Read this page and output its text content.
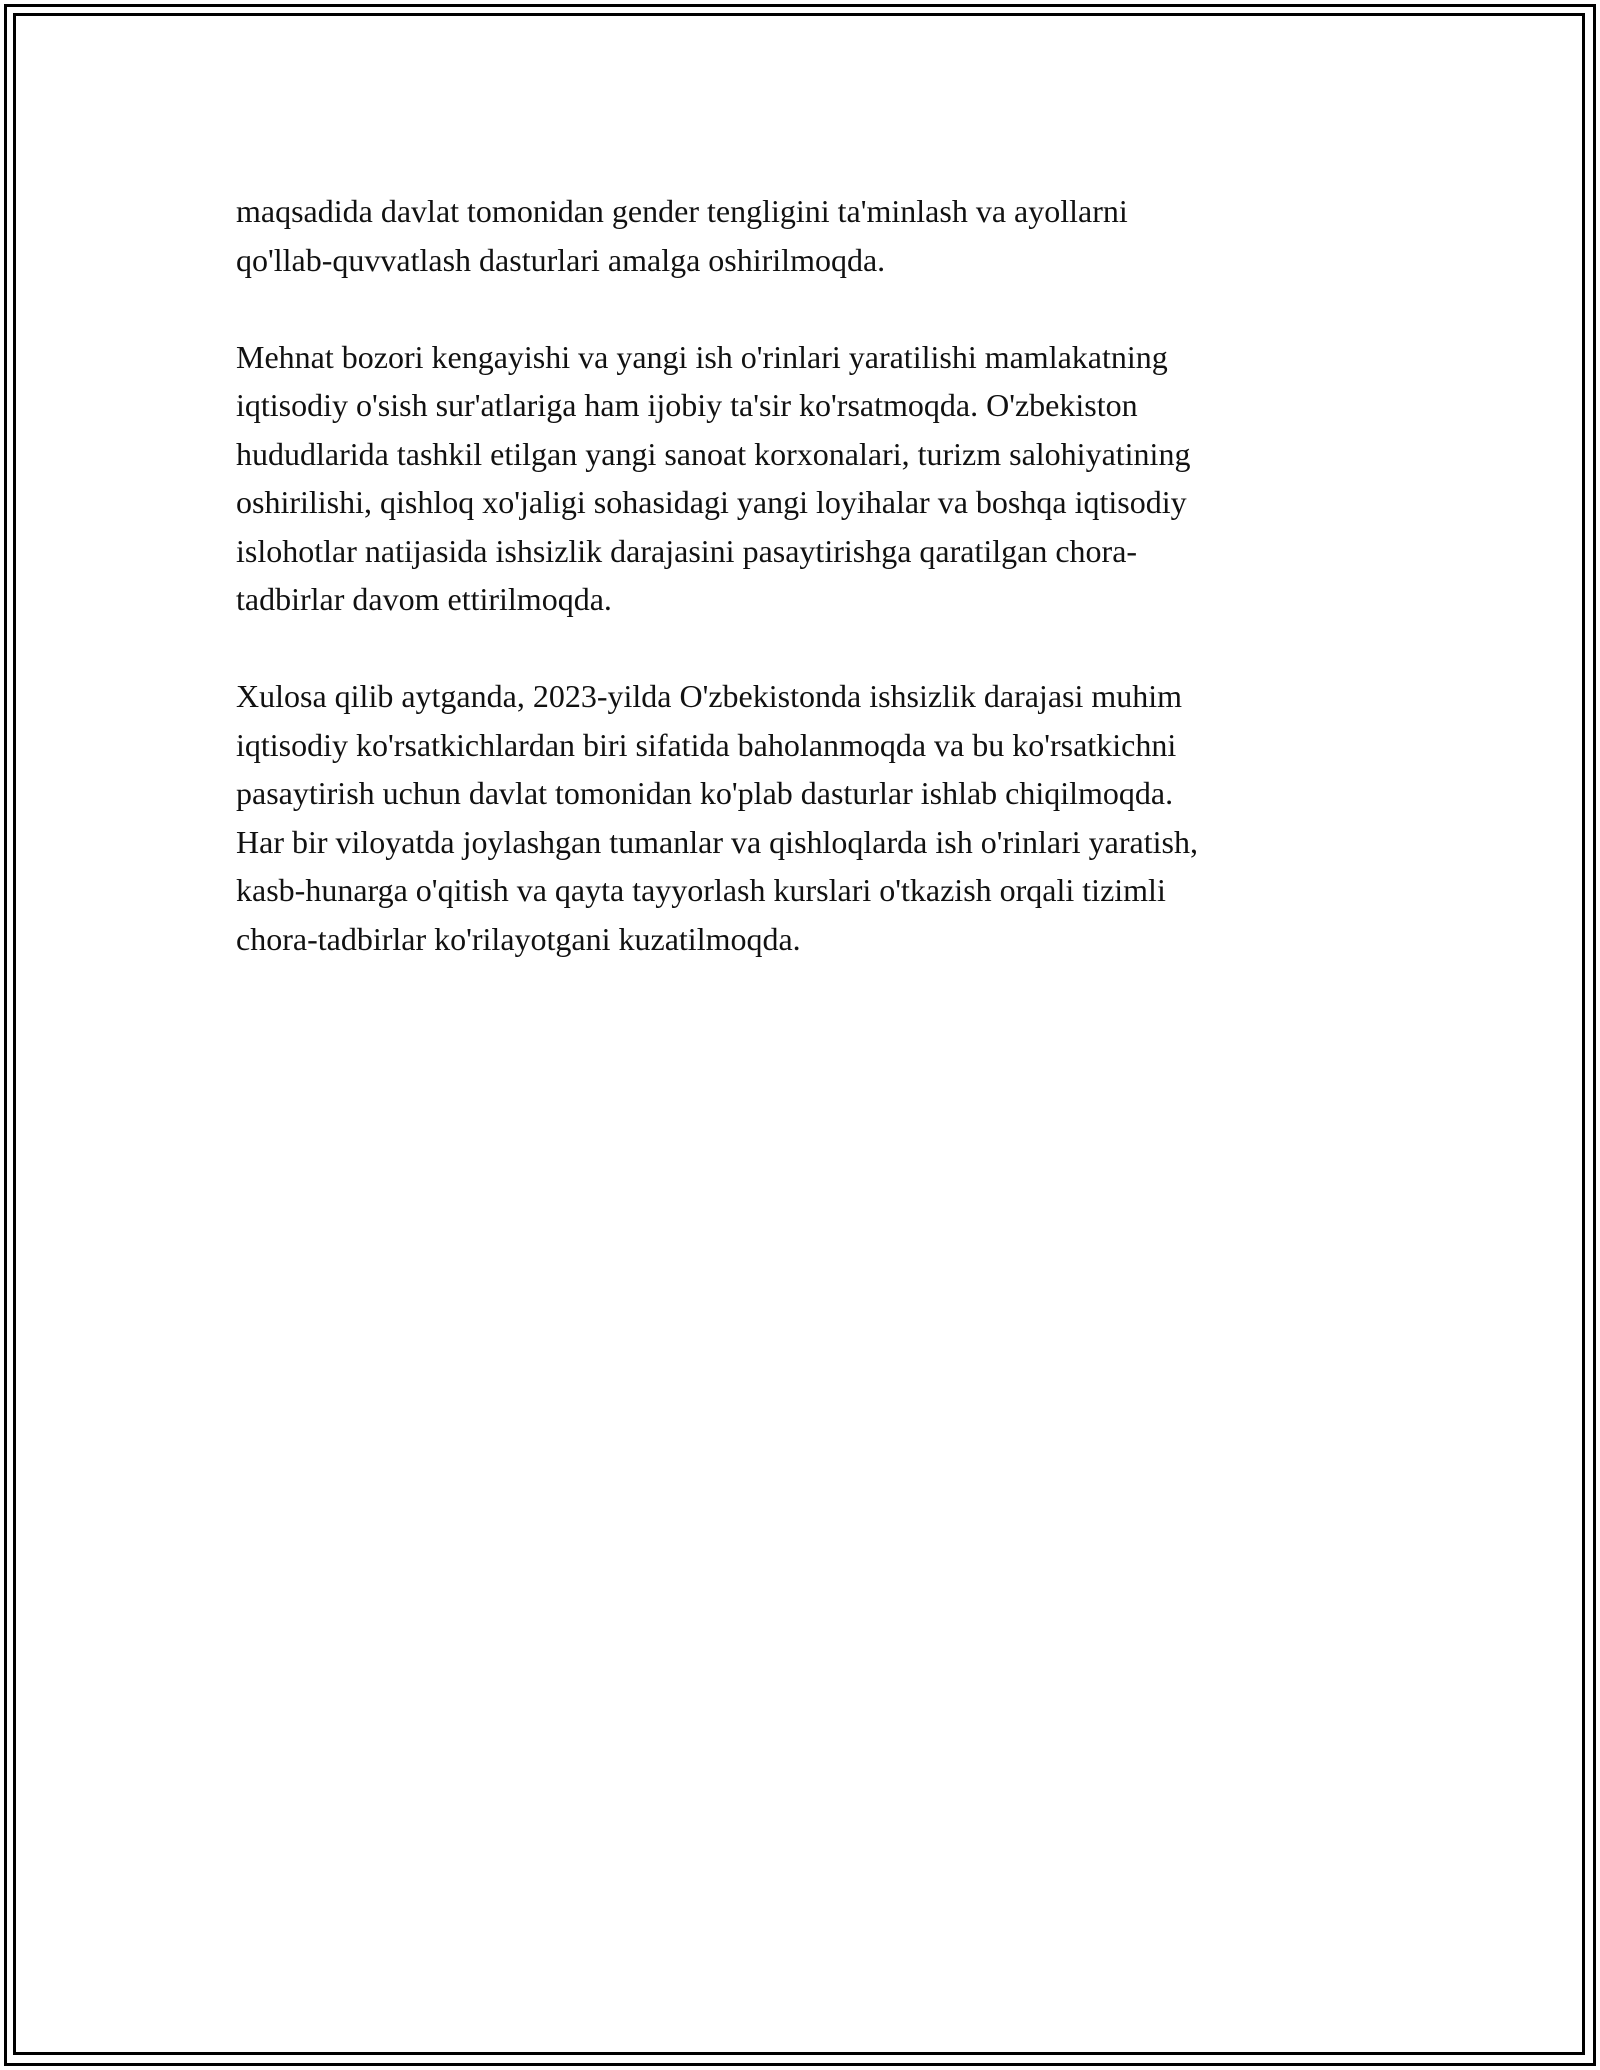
maqsadida davlat tomonidan gender tengligini ta'minlash va ayollarni
qo'llab-quvvatlash dasturlari amalga oshirilmoqda.

Mehnat bozori kengayishi va yangi ish o'rinlari yaratilishi mamlakatning
iqtisodiy o'sish sur'atlariga ham ijobiy ta'sir ko'rsatmoqda. O'zbekiston
hududlarida tashkil etilgan yangi sanoat korxonalari, turizm salohiyatining
oshirilishi, qishloq xo'jaligi sohasidagi yangi loyihalar va boshqa iqtisodiy
islohotlar natijasida ishsizlik darajasini pasaytirishga qaratilgan chora-
tadbirlar davom ettirilmoqda.

Xulosa qilib aytganda, 2023-yilda O'zbekistonda ishsizlik darajasi muhim
iqtisodiy ko'rsatkichlardan biri sifatida baholanmoqda va bu ko'rsatkichni
pasaytirish uchun davlat tomonidan ko'plab dasturlar ishlab chiqilmoqda.
Har bir viloyatda joylashgan tumanlar va qishloqlarda ish o'rinlari yaratish,
kasb-hunarga o'qitish va qayta tayyorlash kurslari o'tkazish orqali tizimli
chora-tadbirlar ko'rilayotgani kuzatilmoqda.
